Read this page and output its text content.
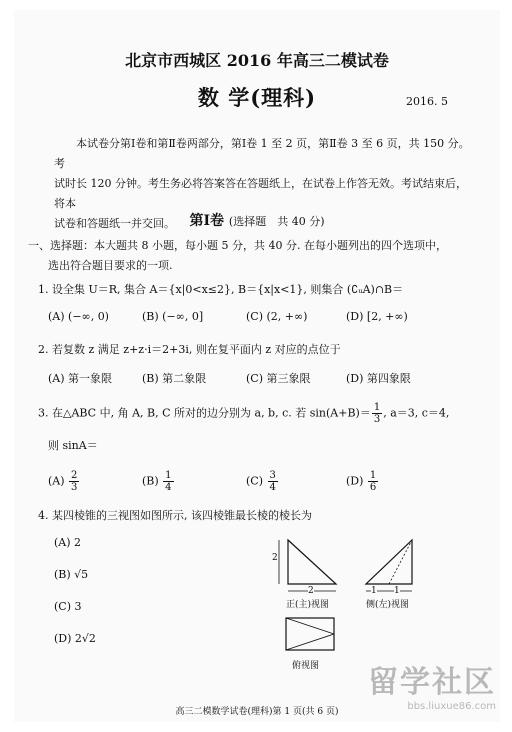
北京市西城区 2016 年高三二模试卷
数 学(理科)	2016. 5

　　本试卷分第Ⅰ卷和第Ⅱ卷两部分，第Ⅰ卷 1 至 2 页，第Ⅱ卷 3 至 6 页，共 150 分。考

试时长 120 分钟。考生务必将答案答在答题纸上，在试卷上作答无效。考试结束后，将本

试卷和答题纸一并交回。	第Ⅰ卷 (选择题　共 40 分)
一、选择题：本大题共 8 小题，每小题 5 分，共 40 分. 在每小题列出的四个选项中，
选出符合题目要求的一项.
1. 设全集 U＝R, 集合 A＝{x|0<x≤2}, B＝{x|x<1}, 则集合 (∁ᵤA)∩B＝
(A) (−∞, 0)	(B) (−∞, 0]	(C) (2, +∞)	(D) [2, +∞)
2. 若复数 z 满足 z+z·i＝2+3i, 则在复平面内 z 对应的点位于
(A) 第一象限	(B) 第二象限	(C) 第三象限	(D) 第四象限
3. 在△ABC 中, 角 A, B, C 所对的边分别为 a, b, c. 若 $\sin(A+B)= \frac{1}{3}$ , a＝3, c＝4,
则 sinA＝
$(A) \frac{2}{3}$	$(B) \frac{1}{4}$	$(C) \frac{3}{4}$	$(D) \frac{1}{6}$
4. 某四棱锥的三视图如图所示, 该四棱锥最长棱的棱长为
(A) 2
(B) √5
(C) 3
(D) 2√2
2
2
正(主)视图
1 1
侧(左)视图
俯视图
高三二模数学试卷(理科)第 1 页(共 6 页)
留学社区
bbs.liuxue86.com
